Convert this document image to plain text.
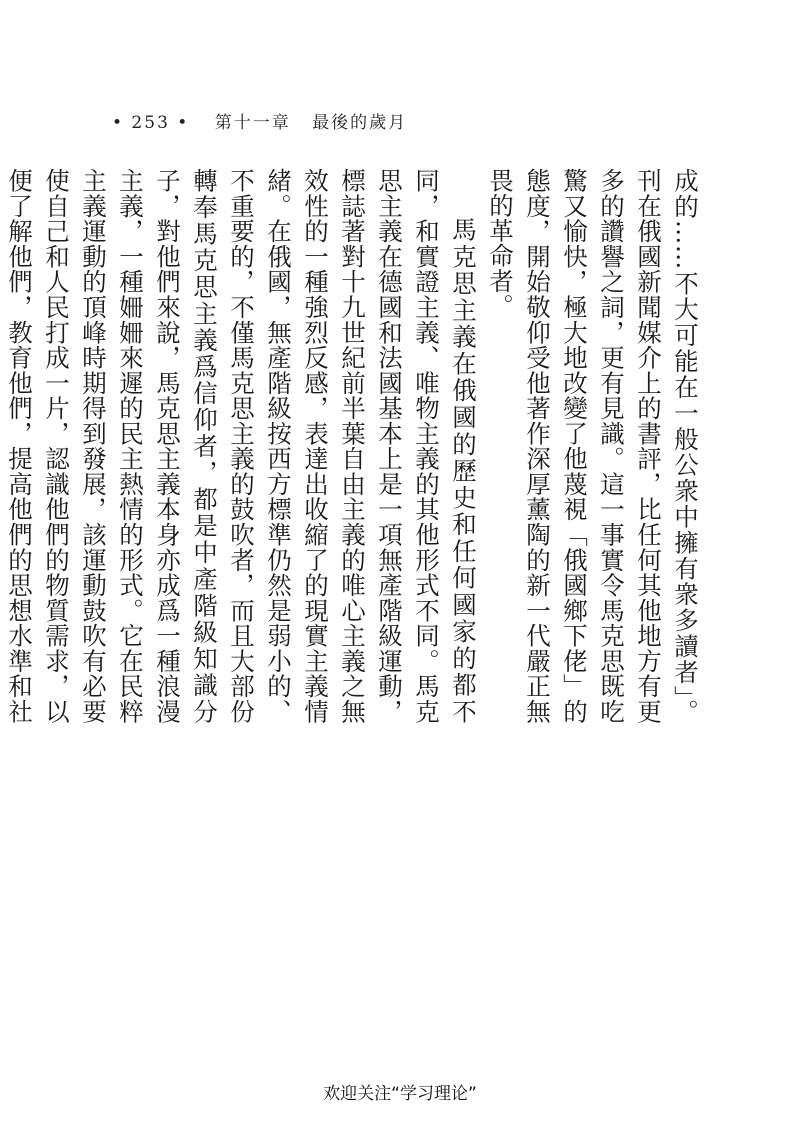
• 253 • 第十一章 最後的歲月

成的……不大可能在一般公衆中擁有衆多讀者」。刊在俄國新聞媒介上的書評，比任何其他地方有更多的讚譽之詞，更有見識。這一事實令馬克思既吃驚又愉快，極大地改變了他蔑視「俄國鄉下佬」的態度，開始敬仰受他著作深厚薰陶的新一代嚴正無畏的革命者。

馬克思主義在俄國的歷史和任何國家的都不同，和實證主義、唯物主義的其他形式不同。馬克思主義在德國和法國基本上是一項無產階級運動，標誌著對十九世紀前半葉自由主義的唯心主義之無效性的一種強烈反感，表達出收縮了的現實主義情緒。在俄國，無產階級按西方標準仍然是弱小的、不重要的，不僅馬克思主義的鼓吹者，而且大部份轉奉馬克思主義爲信仰者，都是中產階級知識分子，對他們來說，馬克思主義本身亦成爲一種浪漫主義，一種姍姍來遲的民主熱情的形式。它在民粹主義運動的頂峰時期得到發展，該運動鼓吹有必要使自己和人民打成一片，認識他們的物質需求，以便了解他們，教育他們，提高他們的思想水準和社

欢迎关注“学习理论”
